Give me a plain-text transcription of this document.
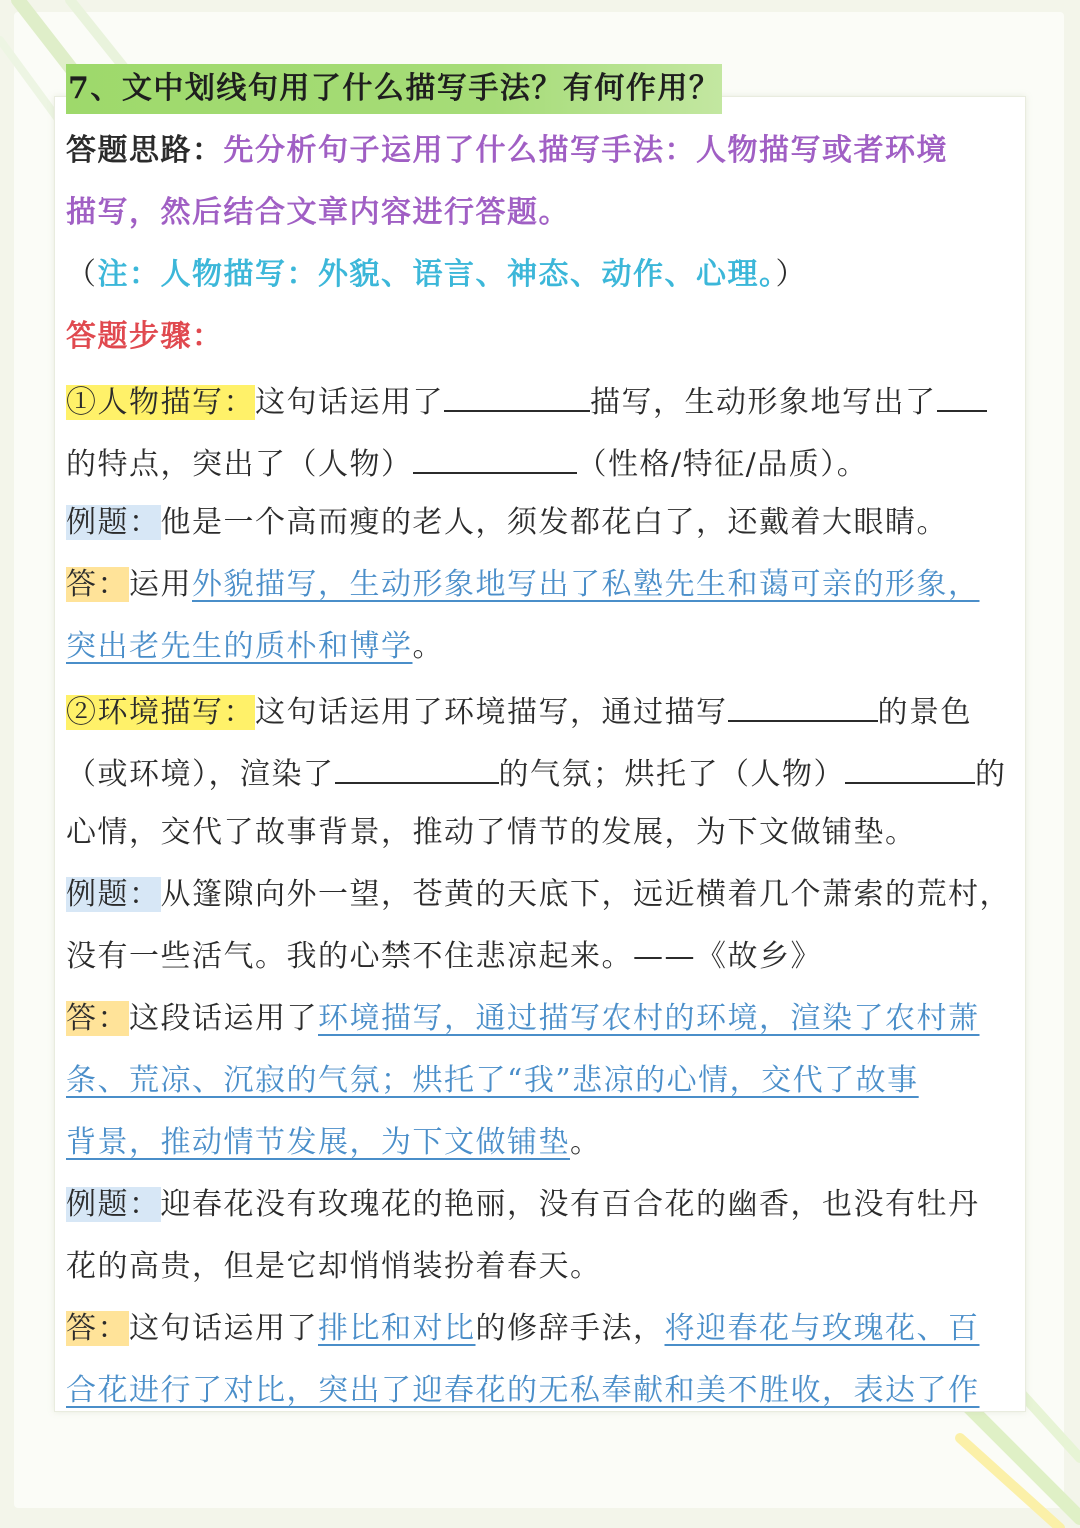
7、文中划线句用了什么描写手法？有何作用？
答题思路：先分析句子运用了什么描写手法：人物描写或者环境
描写，然后结合文章内容进行答题。
（注：人物描写：外貌、语言、神态、动作、心理。）
答题步骤：
①人物描写：这句话运用了	描写，生动形象地写出了
的特点，突出了（人物）	（性格/特征/品质）。
例题：他是一个高而瘦的老人，须发都花白了，还戴着大眼睛。
答：运用外貌描写，生动形象地写出了私塾先生和蔼可亲的形象，
突出老先生的质朴和博学。
②环境描写：这句话运用了环境描写，通过描写	的景色
（或环境），渲染了	的气氛；烘托了（人物）	的
心情，交代了故事背景，推动了情节的发展，为下文做铺垫。
例题：从篷隙向外一望，苍黄的天底下，远近横着几个萧索的荒村，
没有一些活气。我的心禁不住悲凉起来。——《故乡》
答：这段话运用了环境描写，通过描写农村的环境，渲染了农村萧
条、荒凉、沉寂的气氛；烘托了“我”悲凉的心情，交代了故事
背景，推动情节发展，为下文做铺垫。
例题：迎春花没有玫瑰花的艳丽，没有百合花的幽香，也没有牡丹
花的高贵，但是它却悄悄装扮着春天。
答：这句话运用了排比和对比的修辞手法，将迎春花与玫瑰花、百
合花进行了对比，突出了迎春花的无私奉献和美不胜收，表达了作
